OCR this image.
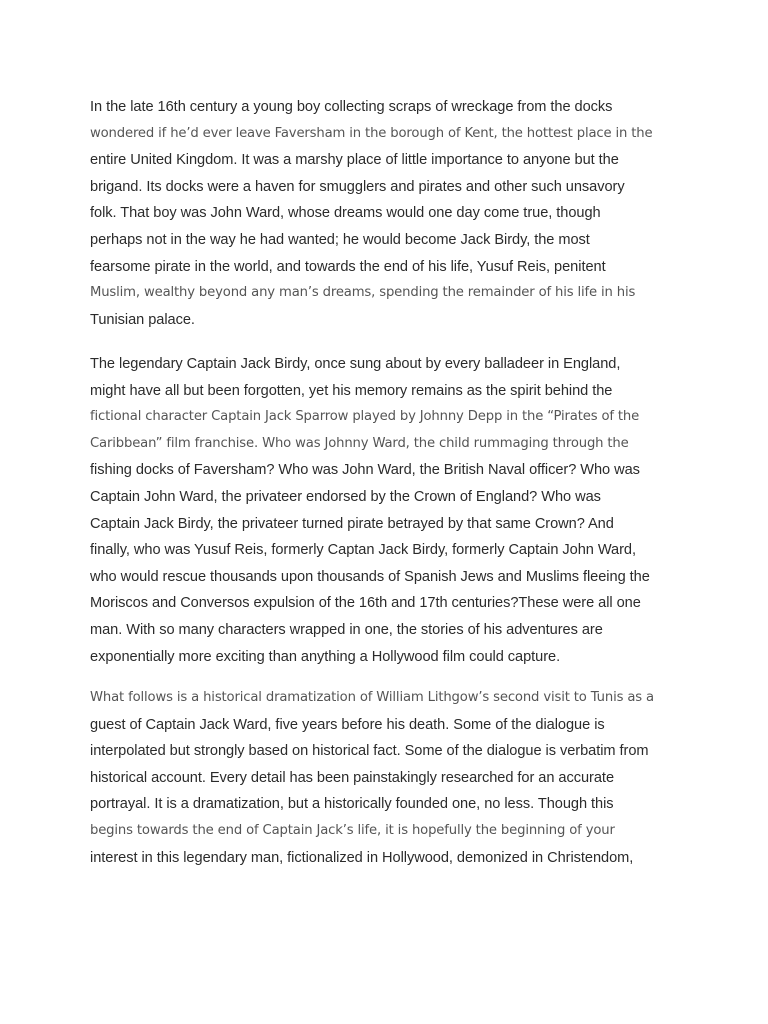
In the late 16th century a young boy collecting scraps of wreckage from the docks
wondered if he’d ever leave Faversham in the borough of Kent, the hottest place in the
entire United Kingdom. It was a marshy place of little importance to anyone but the
brigand. Its docks were a haven for smugglers and pirates and other such unsavory
folk. That boy was John Ward, whose dreams would one day come true, though
perhaps not in the way he had wanted; he would become Jack Birdy, the most
fearsome pirate in the world, and towards the end of his life, Yusuf Reis, penitent
Muslim, wealthy beyond any man’s dreams, spending the remainder of his life in his
Tunisian palace.
The legendary Captain Jack Birdy, once sung about by every balladeer in England,
might have all but been forgotten, yet his memory remains as the spirit behind the
fictional character Captain Jack Sparrow played by Johnny Depp in the “Pirates of the
Caribbean” film franchise. Who was Johnny Ward, the child rummaging through the
fishing docks of Faversham? Who was John Ward, the British Naval officer? Who was
Captain John Ward, the privateer endorsed by the Crown of England? Who was
Captain Jack Birdy, the privateer turned pirate betrayed by that same Crown? And
finally, who was Yusuf Reis, formerly Captan Jack Birdy, formerly Captain John Ward,
who would rescue thousands upon thousands of Spanish Jews and Muslims fleeing the
Moriscos and Conversos expulsion of the 16th and 17th centuries?These were all one
man. With so many characters wrapped in one, the stories of his adventures are
exponentially more exciting than anything a Hollywood film could capture.
What follows is a historical dramatization of William Lithgow’s second visit to Tunis as a
guest of Captain Jack Ward, five years before his death. Some of the dialogue is
interpolated but strongly based on historical fact. Some of the dialogue is verbatim from
historical account. Every detail has been painstakingly researched for an accurate
portrayal. It is a dramatization, but a historically founded one, no less. Though this
begins towards the end of Captain Jack’s life, it is hopefully the beginning of your
interest in this legendary man, fictionalized in Hollywood, demonized in Christendom,
